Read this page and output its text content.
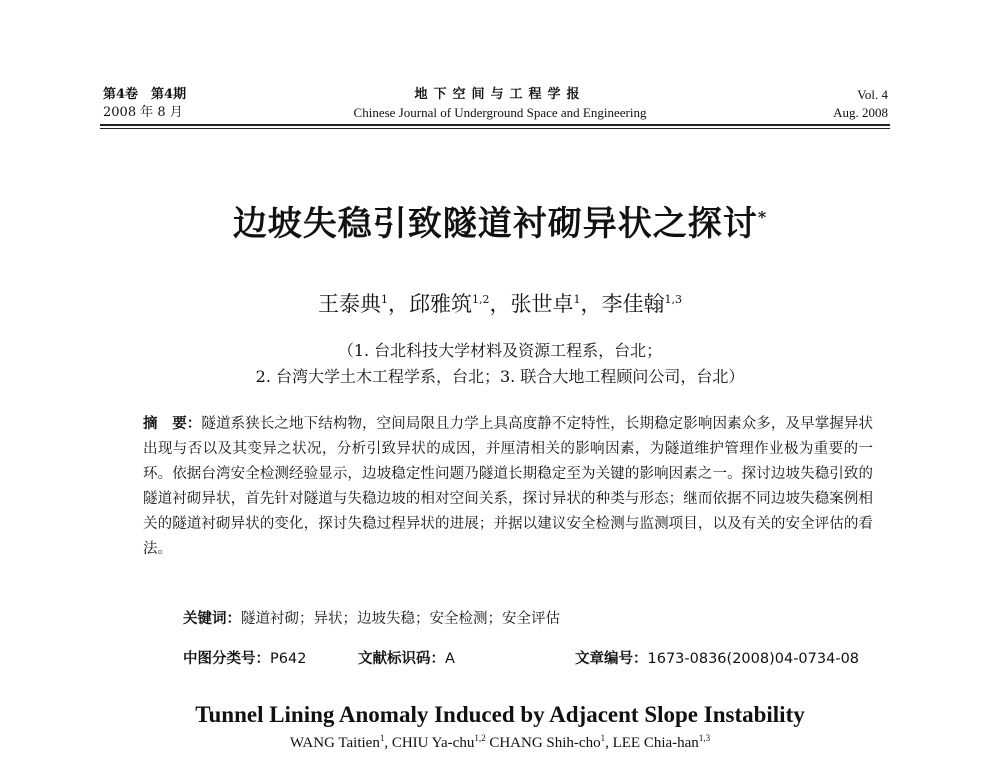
第4卷　第4期
2008 年 8 月
地下空间与工程学报
Chinese Journal of Underground Space and Engineering
Vol. 4
Aug. 2008
边坡失稳引致隧道衬砌异状之探讨*
王泰典$^1$，邱雅筑$^{1,2}$，张世卓$^1$，李佳翰$^{1,3}$
（1. 台北科技大学材料及资源工程系，台北；
2. 台湾大学土木工程学系，台北；3. 联合大地工程顾问公司，台北）
摘　要：隧道系狭长之地下结构物，空间局限且力学上具高度静不定特性，长期稳定影响因素众多，及早掌握异状出现与否以及其变异之状况，分析引致异状的成因，并厘清相关的影响因素，为隧道维护管理作业极为重要的一环。依据台湾安全检测经验显示，边坡稳定性问题乃隧道长期稳定至为关键的影响因素之一。探讨边坡失稳引致的隧道衬砌异状，首先针对隧道与失稳边坡的相对空间关系，探讨异状的种类与形态；继而依据不同边坡失稳案例相关的隧道衬砌异状的变化，探讨失稳过程异状的进展；并据以建议安全检测与监测项目，以及有关的安全评估的看法。
关键词：隧道衬砌；异状；边坡失稳；安全检测；安全评估
中图分类号：P642	文献标识码：A	文章编号：1673-0836(2008)04-0734-08
Tunnel Lining Anomaly Induced by Adjacent Slope Instability
WANG Taitien$^1$, CHIU Ya-chu$^{1,2}$ CHANG Shih-cho$^1$, LEE Chia-han$^{1,3}$
